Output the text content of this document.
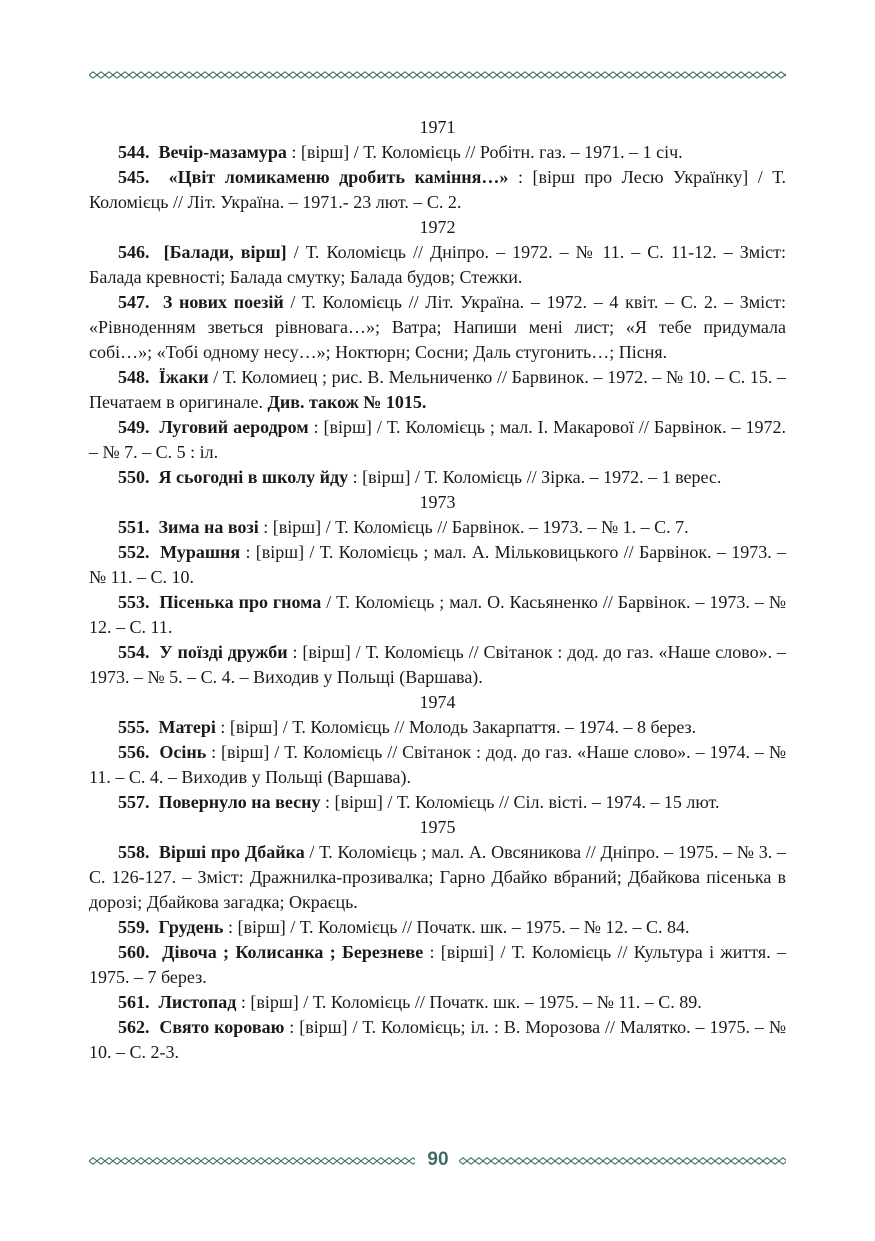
1971

544. Вечір-мазамура : [вірш] / Т. Коломієць // Робітн. газ. – 1971. – 1 січ.

545. «Цвіт ломикаменю дробить каміння…» : [вірш про Лесю Українку] / Т. Коломієць // Літ. Україна. – 1971.- 23 лют. – С. 2.

1972

546. [Балади, вірш] / Т. Коломієць // Дніпро. – 1972. – № 11. – С. 11-12. – Зміст: Балада кревності; Балада смутку; Балада будов; Стежки.

547. З нових поезій / Т. Коломієць // Літ. Україна. – 1972. – 4 квіт. – С. 2. – Зміст: «Рівноденням зветься рівновага…»; Ватра; Напиши мені лист; «Я тебе придумала собі…»; «Тобі одному несу…»; Ноктюрн; Сосни; Даль стугонить…; Пісня.

548. Їжаки / Т. Коломиец ; рис. В. Мельниченко // Барвинок. – 1972. – № 10. – С. 15. – Печатаем в оригинале. Див. також № 1015.

549. Луговий аеродром : [вірш] / Т. Коломієць ; мал. І. Макарової // Барвінок. – 1972. – № 7. – С. 5 : іл.

550. Я сьогодні в школу йду : [вірш] / Т. Коломієць // Зірка. – 1972. – 1 верес.

1973

551. Зима на возі : [вірш] / Т. Коломієць // Барвінок. – 1973. – № 1. – С. 7.

552. Мурашня : [вірш] / Т. Коломієць ; мал. А. Мільковицького // Барвінок. – 1973. – № 11. – С. 10.

553. Пісенька про гнома / Т. Коломієць ; мал. О. Касьяненко // Барвінок. – 1973. – № 12. – С. 11.

554. У поїзді дружби : [вірш] / Т. Коломієць // Світанок : дод. до газ. «Наше слово». – 1973. – № 5. – С. 4. – Виходив у Польщі (Варшава).

1974

555. Матері : [вірш] / Т. Коломієць // Молодь Закарпаття. – 1974. – 8 берез.

556. Осінь : [вірш] / Т. Коломієць // Світанок : дод. до газ. «Наше слово». – 1974. – № 11. – С. 4. – Виходив у Польщі (Варшава).

557. Повернуло на весну : [вірш] / Т. Коломієць // Сіл. вісті. – 1974. – 15 лют.

1975

558. Вірші про Дбайка / Т. Коломієць ; мал. А. Овсяникова // Дніпро. – 1975. – № 3. – С. 126-127. – Зміст: Дражнилка-прозивалка; Гарно Дбайко вбраний; Дбайкова пісенька в дорозі; Дбайкова загадка; Окраєць.

559. Грудень : [вірш] / Т. Коломієць // Початк. шк. – 1975. – № 12. – С. 84.

560. Дівоча ; Колисанка ; Березневе : [вірші] / Т. Коломієць // Культура і життя. – 1975. – 7 берез.

561. Листопад : [вірш] / Т. Коломієць // Початк. шк. – 1975. – № 11. – С. 89.

562. Свято короваю : [вірш] / Т. Коломієць; іл. : В. Морозова // Малятко. – 1975. – № 10. – С. 2-3.

90
